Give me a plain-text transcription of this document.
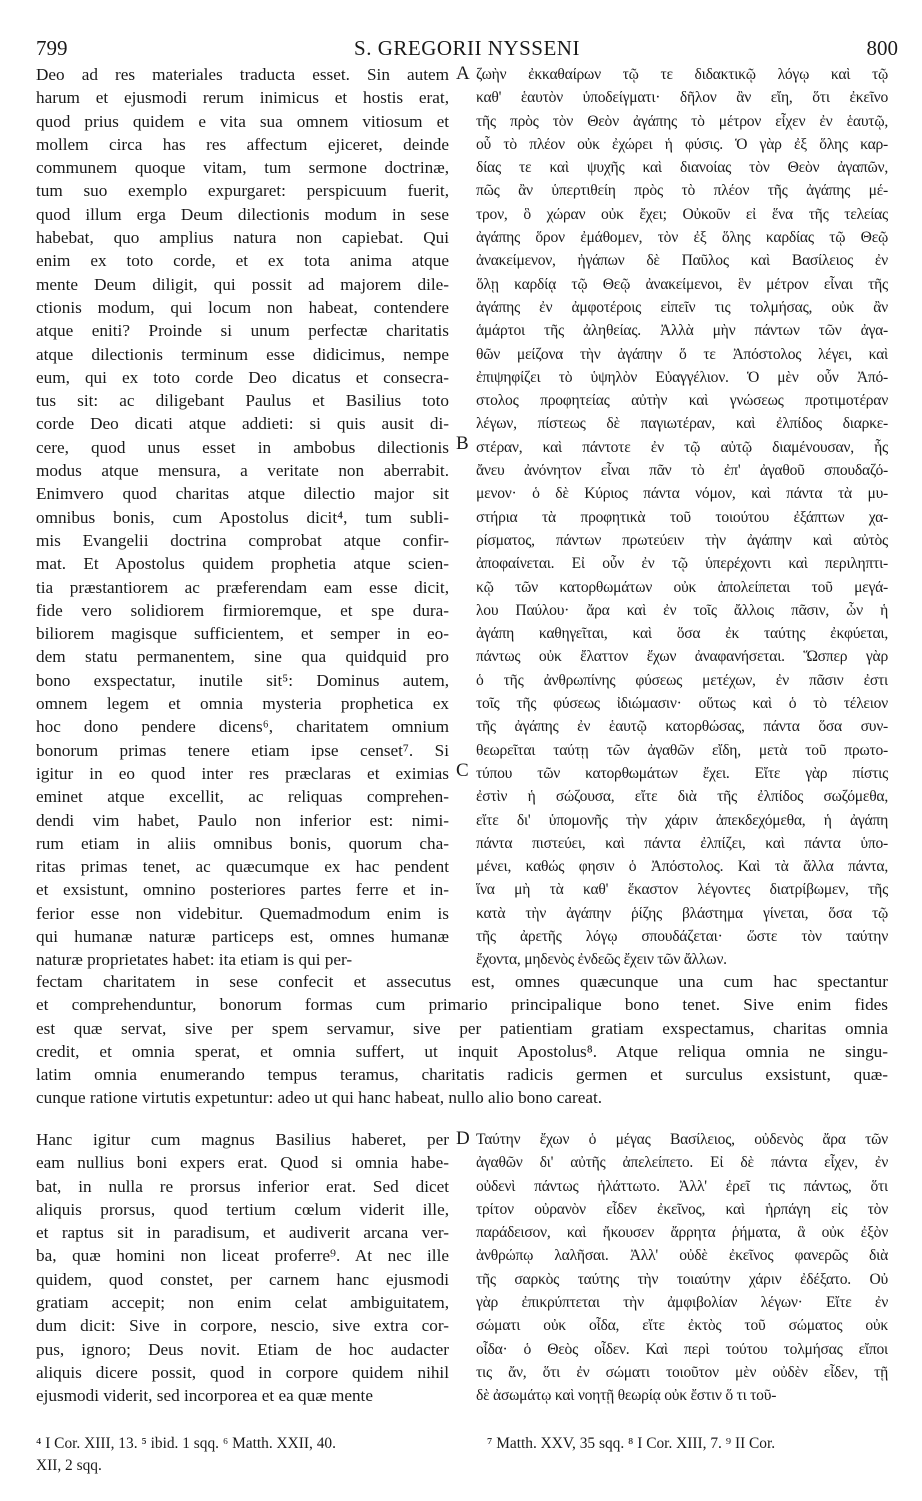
799	S. GREGORII NYSSENI	800
Deo ad res materiales traducta esset. Sin autem
harum et ejusmodi rerum inimicus et hostis erat,
quod prius quidem e vita sua omnem vitiosum et
mollem circa has res affectum ejiceret, deinde
communem quoque vitam, tum sermone doctrinæ,
tum suo exemplo expurgaret: perspicuum fuerit,
quod illum erga Deum dilectionis modum in sese
habebat, quo amplius natura non capiebat. Qui
enim ex toto corde, et ex tota anima atque
mente Deum diligit, qui possit ad majorem dile-
ctionis modum, qui locum non habeat, contendere
atque eniti? Proinde si unum perfectæ charitatis
atque dilectionis terminum esse didicimus, nempe
eum, qui ex toto corde Deo dicatus et consecra-
tus sit: ac diligebant Paulus et Basilius toto
corde Deo dicati atque addieti: si quis ausit di-
cere, quod unus esset in ambobus dilectionis
modus atque mensura, a veritate non aberrabit.
Enimvero quod charitas atque dilectio major sit
omnibus bonis, cum Apostolus dicit⁴, tum subli-
mis Evangelii doctrina comprobat atque confir-
mat. Et Apostolus quidem prophetia atque scien-
tia præstantiorem ac præferendam eam esse dicit,
fide vero solidiorem firmioremque, et spe dura-
biliorem magisque sufficientem, et semper in eo-
dem statu permanentem, sine qua quidquid pro
bono exspectatur, inutile sit⁵: Dominus autem,
omnem legem et omnia mysteria prophetica ex
hoc dono pendere dicens⁶, charitatem omnium
bonorum primas tenere etiam ipse censet⁷. Si
igitur in eo quod inter res præclaras et eximias
eminet atque excellit, ac reliquas comprehen-
dendi vim habet, Paulo non inferior est: nimi-
rum etiam in aliis omnibus bonis, quorum cha-
ritas primas tenet, ac quæcumque ex hac pendent
et exsistunt, omnino posteriores partes ferre et in-
ferior esse non videbitur. Quemadmodum enim is
qui humanæ naturæ particeps est, omnes humanæ
naturæ proprietates habet: ita etiam is qui per-
ζωὴν ἐκκαθαίρων τῷ τε διδακτικῷ λόγῳ καὶ τῷ
καθ' ἑαυτὸν ὑποδείγματι· δῆλον ἂν εἴη, ὅτι ἐκεῖνο
τῆς πρὸς τὸν Θεὸν ἀγάπης τὸ μέτρον εἶχεν ἐν ἑαυτῷ,
οὗ τὸ πλέον οὐκ ἐχώρει ἡ φύσις. Ὁ γὰρ ἐξ ὅλης καρ-
δίας τε καὶ ψυχῆς καὶ διανοίας τὸν Θεὸν ἀγαπῶν,
πῶς ἂν ὑπερτιθείη πρὸς τὸ πλέον τῆς ἀγάπης μέ-
τρον, ὃ χώραν οὐκ ἔχει; Οὐκοῦν εἰ ἕνα τῆς τελείας
ἀγάπης ὅρον ἐμάθομεν, τὸν ἐξ ὅλης καρδίας τῷ Θεῷ
ἀνακείμενον, ἠγάπων δὲ Παῦλος καὶ Βασίλειος ἐν
ὅλῃ καρδίᾳ τῷ Θεῷ ἀνακείμενοι, ἓν μέτρον εἶναι τῆς
ἀγάπης ἐν ἀμφοτέροις εἰπεῖν τις τολμήσας, οὐκ ἂν
ἁμάρτοι τῆς ἀληθείας. Ἀλλὰ μὴν πάντων τῶν ἀγα-
θῶν μείζονα τὴν ἀγάπην ὅ τε Ἀπόστολος λέγει, καὶ
ἐπιψηφίζει τὸ ὑψηλὸν Εὐαγγέλιον. Ὁ μὲν οὖν Ἀπό-
στολος προφητείας αὐτὴν καὶ γνώσεως προτιμοτέραν
λέγων, πίστεως δὲ παγιωτέραν, καὶ ἐλπίδος διαρκε-
στέραν, καὶ πάντοτε ἐν τῷ αὐτῷ διαμένουσαν, ἧς
ἄνευ ἀνόνητον εἶναι πᾶν τὸ ἐπ' ἀγαθοῦ σπουδαζό-
μενον· ὁ δὲ Κύριος πάντα νόμον, καὶ πάντα τὰ μυ-
στήρια τὰ προφητικὰ τοῦ τοιούτου ἐξάπτων χα-
ρίσματος, πάντων πρωτεύειν τὴν ἀγάπην καὶ αὐτὸς
ἀποφαίνεται. Εἰ οὖν ἐν τῷ ὑπερέχοντι καὶ περιληπτι-
κῷ τῶν κατορθωμάτων οὐκ ἀπολείπεται τοῦ μεγά-
λου Παύλου· ἄρα καὶ ἐν τοῖς ἄλλοις πᾶσιν, ὧν ἡ
ἀγάπη καθηγεῖται, καὶ ὅσα ἐκ ταύτης ἐκφύεται,
πάντως οὐκ ἔλαττον ἔχων ἀναφανήσεται. Ὥσπερ γὰρ
ὁ τῆς ἀνθρωπίνης φύσεως μετέχων, ἐν πᾶσιν ἐστι
τοῖς τῆς φύσεως ἰδιώμασιν· οὕτως καὶ ὁ τὸ τέλειον
τῆς ἀγάπης ἐν ἑαυτῷ κατορθώσας, πάντα ὅσα συν-
θεωρεῖται ταύτῃ τῶν ἀγαθῶν εἴδη, μετὰ τοῦ πρωτο-
τύπου τῶν κατορθωμάτων ἔχει. Εἴτε γὰρ πίστις
ἐστὶν ἡ σώζουσα, εἴτε διὰ τῆς ἐλπίδος σωζόμεθα,
εἴτε δι' ὑπομονῆς τὴν χάριν ἀπεκδεχόμεθα, ἡ ἀγάπη
πάντα πιστεύει, καὶ πάντα ἐλπίζει, καὶ πάντα ὑπο-
μένει, καθώς φησιν ὁ Ἀπόστολος. Καὶ τὰ ἄλλα πάντα,
ἵνα μὴ τὰ καθ' ἕκαστον λέγοντες διατρίβωμεν, τῆς
κατὰ τὴν ἀγάπην ῥίζης βλάστημα γίνεται, ὅσα τῷ
τῆς ἀρετῆς λόγῳ σπουδάζεται· ὥστε τὸν ταύτην
ἔχοντα, μηδενὸς ἐνδεῶς ἔχειν τῶν ἄλλων.
A
B
C
D
fectam charitatem in sese confecit et assecutus est, omnes quæcunque una cum hac spectantur
et comprehenduntur, bonorum formas cum primario principalique bono tenet. Sive enim fides
est quæ servat, sive per spem servamur, sive per patientiam gratiam exspectamus, charitas omnia
credit, et omnia sperat, et omnia suffert, ut inquit Apostolus⁸. Atque reliqua omnia ne singu-
latim omnia enumerando tempus teramus, charitatis radicis germen et surculus exsistunt, quæ-
cunque ratione virtutis expetuntur: adeo ut qui hanc habeat, nullo alio bono careat.
Hanc igitur cum magnus Basilius haberet, per
eam nullius boni expers erat. Quod si omnia habe-
bat, in nulla re prorsus inferior erat. Sed dicet
aliquis prorsus, quod tertium cœlum viderit ille,
et raptus sit in paradisum, et audiverit arcana ver-
ba, quæ homini non liceat proferre⁹. At nec ille
quidem, quod constet, per carnem hanc ejusmodi
gratiam accepit; non enim celat ambiguitatem,
dum dicit: Sive in corpore, nescio, sive extra cor-
pus, ignoro; Deus novit. Etiam de hoc audacter
aliquis dicere possit, quod in corpore quidem nihil
ejusmodi viderit, sed incorporea et ea quæ mente
Ταύτην ἔχων ὁ μέγας Βασίλειος, οὐδενὸς ἄρα τῶν
ἀγαθῶν δι' αὐτῆς ἀπελείπετο. Εἰ δὲ πάντα εἶχεν, ἐν
οὐδενὶ πάντως ἡλάττωτο. Ἀλλ' ἐρεῖ τις πάντως, ὅτι
τρίτον οὐρανὸν εἶδεν ἐκεῖνος, καὶ ἡρπάγη εἰς τὸν
παράδεισον, καὶ ἤκουσεν ἄρρητα ῥήματα, ἃ οὐκ ἐξὸν
ἀνθρώπῳ λαλῆσαι. Ἀλλ' οὐδὲ ἐκεῖνος φανερῶς διὰ
τῆς σαρκὸς ταύτης τὴν τοιαύτην χάριν ἐδέξατο. Οὐ
γὰρ ἐπικρύπτεται τὴν ἀμφιβολίαν λέγων· Εἴτε ἐν
σώματι οὐκ οἶδα, εἴτε ἐκτὸς τοῦ σώματος οὐκ
οἶδα· ὁ Θεὸς οἶδεν. Καὶ περὶ τούτου τολμήσας εἴποι
τις ἄν, ὅτι ἐν σώματι τοιοῦτον μὲν οὐδὲν εἶδεν, τῇ
δὲ ἀσωμάτῳ καὶ νοητῇ θεωρίᾳ οὐκ ἔστιν ὅ τι τοῦ-
⁴ I Cor. XIII, 13. ⁵ ibid. 1 sqq. ⁶ Matth. XXII, 40.
XII, 2 sqq.
⁷ Matth. XXV, 35 sqq. ⁸ I Cor. XIII, 7. ⁹ II Cor.
